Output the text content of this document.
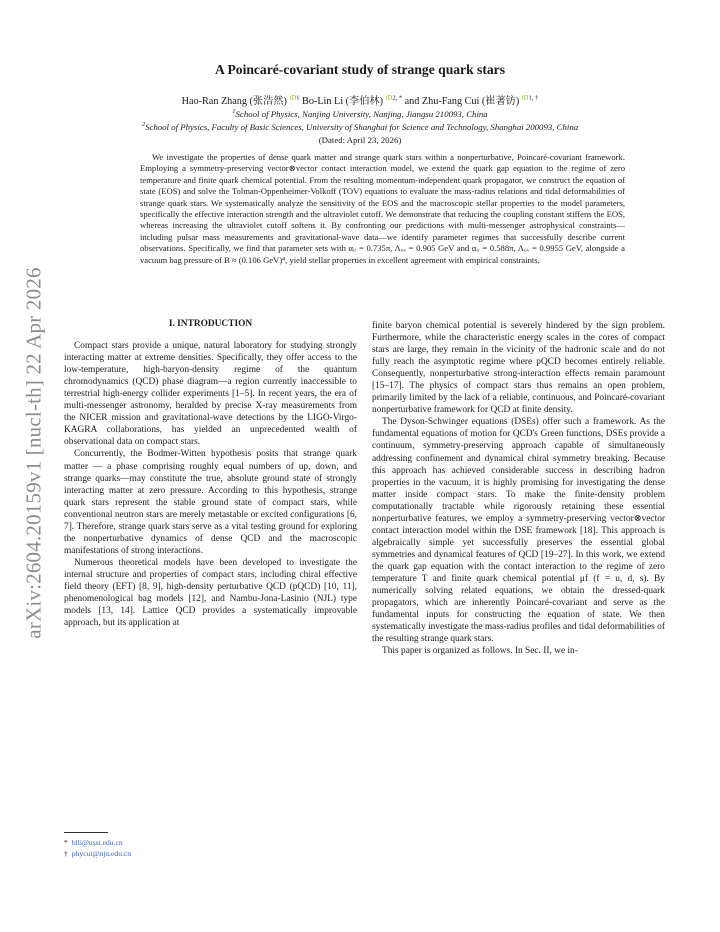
arXiv:2604.20159v1 [nucl-th] 22 Apr 2026
A Poincaré-covariant study of strange quark stars
Hao-Ran Zhang (张浩然) $^{iD1}$ Bo-Lin Li (李伯林) $^{iD2, *}$ and Zhu-Fang Cui (崔著钫) $^{iD1, \dagger}$
$^1$School of Physics, Nanjing University, Nanjing, Jiangsu 210093, China
$^2$School of Physics, Faculty of Basic Sciences, University of Shanghai for Science and Technology, Shanghai 200093, China
(Dated: April 23, 2026)
We investigate the properties of dense quark matter and strange quark stars within a nonperturbative, Poincaré-covariant framework. Employing a symmetry-preserving vector⊗vector contact interaction model, we extend the quark gap equation to the regime of zero temperature and finite quark chemical potential. From the resulting momentum-independent quark propagator, we construct the equation of state (EOS) and solve the Tolman-Oppenheimer-Volkoff (TOV) equations to evaluate the mass-radius relations and tidal deformabilities of strange quark stars. We systematically analyze the sensitivity of the EOS and the macroscopic stellar properties to the model parameters, specifically the effective interaction strength and the ultraviolet cutoff. We demonstrate that reducing the coupling constant stiffens the EOS, whereas increasing the ultraviolet cutoff softens it. By confronting our predictions with multi-messenger astrophysical constraints—including pulsar mass measurements and gravitational-wave data—we identify parameter regimes that successfully describe current observations. Specifically, we find that parameter sets with αᵢᵣ = 0.735π, Λᵤᵥ = 0.905 GeV and αᵢᵣ = 0.588π, Λᵤᵥ = 0.9955 GeV, alongside a vacuum bag pressure of B ≈ (0.106 GeV)⁴, yield stellar properties in excellent agreement with empirical constraints.
I. INTRODUCTION

Compact stars provide a unique, natural laboratory for studying strongly interacting matter at extreme densities. Specifically, they offer access to the low-temperature, high-baryon-density regime of the quantum chromodynamics (QCD) phase diagram—a region currently inaccessible to terrestrial high-energy collider experiments [1–5]. In recent years, the era of multi-messenger astronomy, heralded by precise X-ray measurements from the NICER mission and gravitational-wave detections by the LIGO-Virgo-KAGRA collaborations, has yielded an unprecedented wealth of observational data on compact stars.

Concurrently, the Bodmer-Witten hypothesis posits that strange quark matter — a phase comprising roughly equal numbers of up, down, and strange quarks—may constitute the true, absolute ground state of strongly interacting matter at zero pressure. According to this hypothesis, strange quark stars represent the stable ground state of compact stars, while conventional neutron stars are merely metastable or excited configurations [6, 7]. Therefore, strange quark stars serve as a vital testing ground for exploring the nonperturbative dynamics of dense QCD and the macroscopic manifestations of strong interactions.

Numerous theoretical models have been developed to investigate the internal structure and properties of compact stars, including chiral effective field theory (EFT) [8, 9], high-density perturbative QCD (pQCD) [10, 11], phenomenological bag models [12], and Nambu-Jona-Lasinio (NJL) type models [13, 14]. Lattice QCD provides a systematically improvable approach, but its application at

finite baryon chemical potential is severely hindered by the sign problem. Furthermore, while the characteristic energy scales in the cores of compact stars are large, they remain in the vicinity of the hadronic scale and do not fully reach the asymptotic regime where pQCD becomes entirely reliable. Consequently, nonperturbative strong-interaction effects remain paramount [15–17]. The physics of compact stars thus remains an open problem, primarily limited by the lack of a reliable, continuous, and Poincaré-covariant nonperturbative framework for QCD at finite density.

The Dyson-Schwinger equations (DSEs) offer such a framework. As the fundamental equations of motion for QCD's Green functions, DSEs provide a continuum, symmetry-preserving approach capable of simultaneously addressing confinement and dynamical chiral symmetry breaking. Because this approach has achieved considerable success in describing hadron properties in the vacuum, it is highly promising for investigating the dense matter inside compact stars. To make the finite-density problem computationally tractable while rigorously retaining these essential nonperturbative features, we employ a symmetry-preserving vector⊗vector contact interaction model within the DSE framework [18]. This approach is algebraically simple yet successfully preserves the essential global symmetries and dynamical features of QCD [19–27]. In this work, we extend the quark gap equation with the contact interaction to the regime of zero temperature T and finite quark chemical potential μf (f = u, d, s). By numerically solving related equations, we obtain the dressed-quark propagators, which are inherently Poincaré-covariant and serve as the fundamental inputs for constructing the equation of state. We then systematically investigate the mass-radius profiles and tidal deformabilities of the resulting strange quark stars.

This paper is organized as follows. In Sec. II, we in-

* blli@usst.edu.cn
† phycui@nju.edu.cn
